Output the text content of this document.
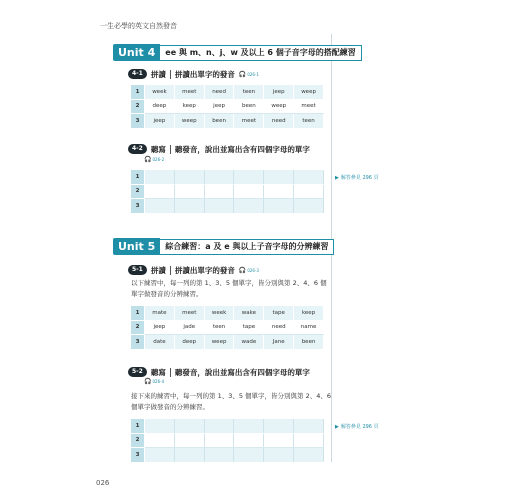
一生必學的英文自然發音
Unit 4	ee 與 m、n、j、w 及以上 6 個子音字母的搭配練習
4-1	拼讀 拼讀出單字的發音 🎧 026-1
1	week	meet	need	teen	jeep	weep
2	deep	keep	jeep	been	weep	meet
3	jeep	weep	been	meet	need	teen
4-2	聽寫 聽發音，說出並寫出含有四個字母的單字
🎧 026-2
1						
2						
3						
▶ 解答參見 296 頁
Unit 5	綜合練習：a 及 e 與以上子音字母的分辨練習
5-1	拼讀 拼讀出單字的發音 🎧 026-3
以下練習中，每一列的第 1、3、5 個單字，皆分別與第 2、4、6 個單字做發音的分辨練習。
1	mate	meet	week	wake	tape	keep
2	jeep	jade	teen	tape	need	name
3	date	deep	weep	wade	Jane	been
5-2	聽寫 聽發音，說出並寫出含有四個字母的單字
🎧 026-4
接下來的練習中，每一列的第 1、3、5 個單字，皆分別與第 2、4、6 個單字做發音的分辨練習。
1						
2						
3						
▶ 解答參見 296 頁
026
